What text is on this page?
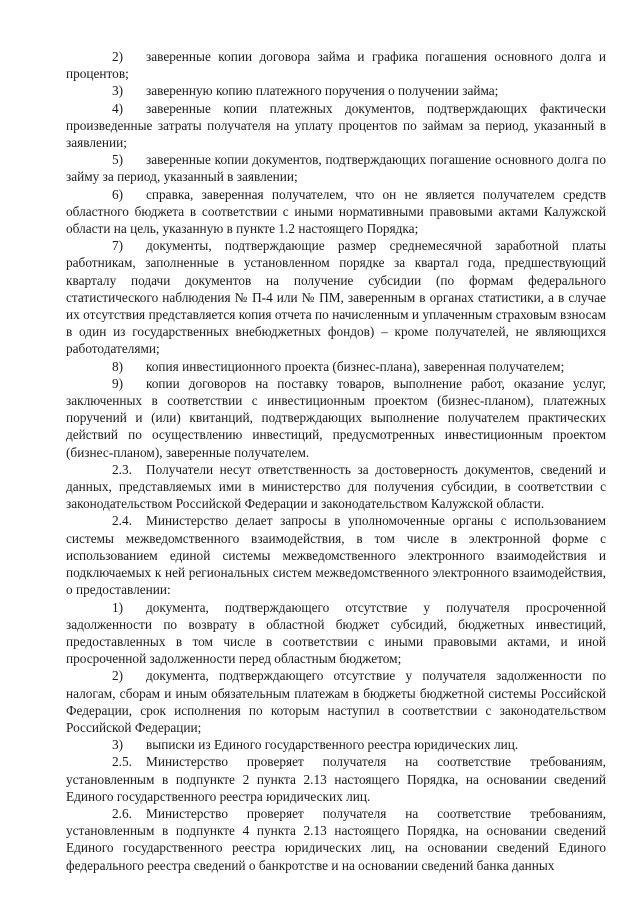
2) заверенные копии договора займа и графика погашения основного долга и процентов;

3) заверенную копию платежного поручения о получении займа;

4) заверенные копии платежных документов, подтверждающих фактически произведенные затраты получателя на уплату процентов по займам за период, указанный в заявлении;

5) заверенные копии документов, подтверждающих погашение основного долга по займу за период, указанный в заявлении;

6) справка, заверенная получателем, что он не является получателем средств областного бюджета в соответствии с иными нормативными правовыми актами Калужской области на цель, указанную в пункте 1.2 настоящего Порядка;

7) документы, подтверждающие размер среднемесячной заработной платы работникам, заполненные в установленном порядке за квартал года, предшествующий кварталу подачи документов на получение субсидии (по формам федерального статистического наблюдения № П-4 или № ПМ, заверенным в органах статистики, а в случае их отсутствия представляется копия отчета по начисленным и уплаченным страховым взносам в один из государственных внебюджетных фондов) – кроме получателей, не являющихся работодателями;

8) копия инвестиционного проекта (бизнес-плана), заверенная получателем;

9) копии договоров на поставку товаров, выполнение работ, оказание услуг, заключенных в соответствии с инвестиционным проектом (бизнес-планом), платежных поручений и (или) квитанций, подтверждающих выполнение получателем практических действий по осуществлению инвестиций, предусмотренных инвестиционным проектом (бизнес-планом), заверенные получателем.

2.3. Получатели несут ответственность за достоверность документов, сведений и данных, представляемых ими в министерство для получения субсидии, в соответствии с законодательством Российской Федерации и законодательством Калужской области.

2.4. Министерство делает запросы в уполномоченные органы с использованием системы межведомственного взаимодействия, в том числе в электронной форме с использованием единой системы межведомственного электронного взаимодействия и подключаемых к ней региональных систем межведомственного электронного взаимодействия, о предоставлении:

1) документа, подтверждающего отсутствие у получателя просроченной задолженности по возврату в областной бюджет субсидий, бюджетных инвестиций, предоставленных в том числе в соответствии с иными правовыми актами, и иной просроченной задолженности перед областным бюджетом;

2) документа, подтверждающего отсутствие у получателя задолженности по налогам, сборам и иным обязательным платежам в бюджеты бюджетной системы Российской Федерации, срок исполнения по которым наступил в соответствии с законодательством Российской Федерации;

3) выписки из Единого государственного реестра юридических лиц.

2.5. Министерство проверяет получателя на соответствие требованиям, установленным в подпункте 2 пункта 2.13 настоящего Порядка, на основании сведений Единого государственного реестра юридических лиц.

2.6. Министерство проверяет получателя на соответствие требованиям, установленным в подпункте 4 пункта 2.13 настоящего Порядка, на основании сведений Единого государственного реестра юридических лиц, на основании сведений Единого федерального реестра сведений о банкротстве и на основании сведений банка данных
